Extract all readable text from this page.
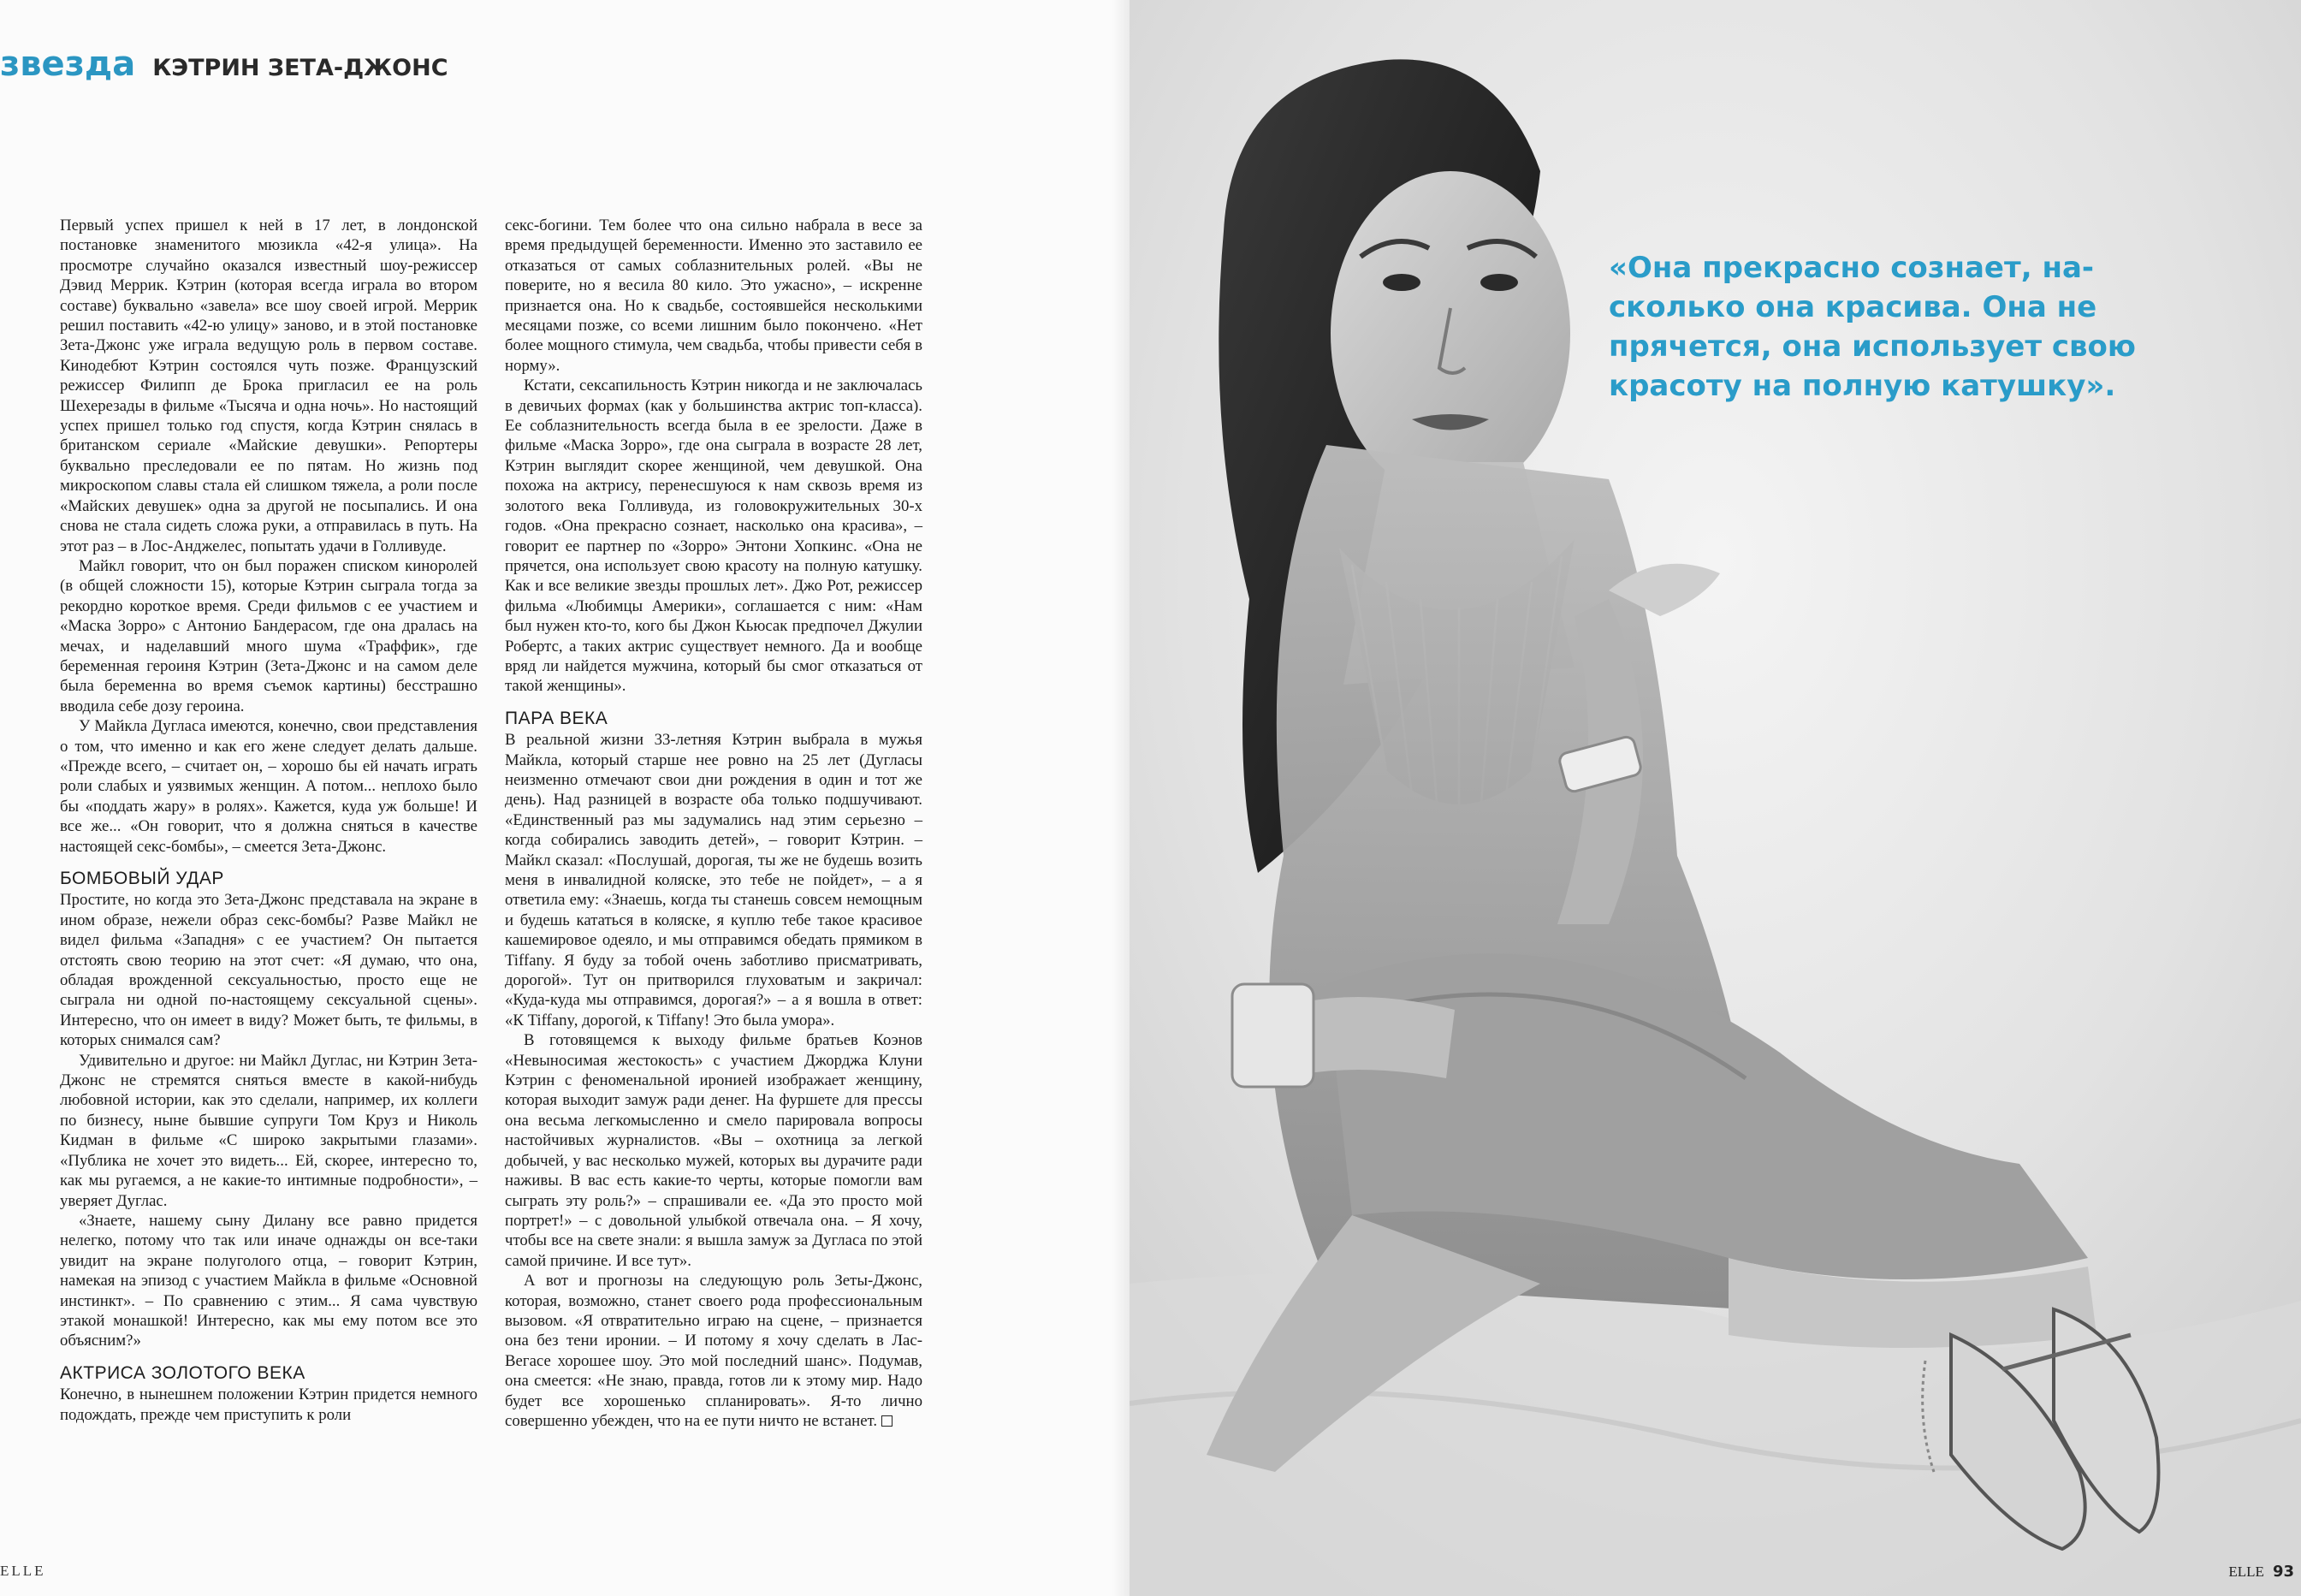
звезда КЭТРИН ЗЕТА-ДЖОНС

Первый успех пришел к ней в 17 лет, в лондонской постановке знаменитого мюзикла «42-я улица». На просмотре случайно оказался известный шоу-режиссер Дэвид Меррик. Кэтрин (которая всегда играла во втором составе) буквально «завела» все шоу своей игрой. Меррик решил поставить «42-ю улицу» заново, и в этой постановке Зета-Джонс уже играла ведущую роль в первом составе. Кинодебют Кэтрин состоялся чуть позже. Французский режиссер Филипп де Брока пригласил ее на роль Шехерезады в фильме «Тысяча и одна ночь». Но настоящий успех пришел только год спустя, когда Кэтрин снялась в британском сериале «Майские девушки». Репортеры буквально преследовали ее по пятам. Но жизнь под микроскопом славы стала ей слишком тяжела, а роли после «Майских девушек» одна за другой не посыпались. И она снова не стала сидеть сложа руки, а отправилась в путь. На этот раз – в Лос-Анджелес, попытать удачи в Голливуде.

Майкл говорит, что он был поражен списком киноролей (в общей сложности 15), которые Кэтрин сыграла тогда за рекордно короткое время. Среди фильмов с ее участием и «Маска Зорро» с Антонио Бандерасом, где она дралась на мечах, и наделавший много шума «Траффик», где беременная героиня Кэтрин (Зета-Джонс и на самом деле была беременна во время съемок картины) бесстрашно вводила себе дозу героина.

У Майкла Дугласа имеются, конечно, свои представления о том, что именно и как его жене следует делать дальше. «Прежде всего, – считает он, – хорошо бы ей начать играть роли слабых и уязвимых женщин. А потом... неплохо было бы «поддать жару» в ролях». Кажется, куда уж больше! И все же... «Он говорит, что я должна сняться в качестве настоящей секс-бомбы», – смеется Зета-Джонс.

БОМБОВЫЙ УДАР

Простите, но когда это Зета-Джонс представала на экране в ином образе, нежели образ секс-бомбы? Разве Майкл не видел фильма «Западня» с ее участием? Он пытается отстоять свою теорию на этот счет: «Я думаю, что она, обладая врожденной сексуальностью, просто еще не сыграла ни одной по-настоящему сексуальной сцены». Интересно, что он имеет в виду? Может быть, те фильмы, в которых снимался сам?

Удивительно и другое: ни Майкл Дуглас, ни Кэтрин Зета-Джонс не стремятся сняться вместе в какой-нибудь любовной истории, как это сделали, например, их коллеги по бизнесу, ныне бывшие супруги Том Круз и Николь Кидман в фильме «С широко закрытыми глазами». «Публика не хочет это видеть... Ей, скорее, интересно то, как мы ругаемся, а не какие-то интимные подробности», – уверяет Дуглас.

«Знаете, нашему сыну Дилану все равно придется нелегко, потому что так или иначе однажды он все-таки увидит на экране полуголого отца, – говорит Кэтрин, намекая на эпизод с участием Майкла в фильме «Основной инстинкт». – По сравнению с этим... Я сама чувствую этакой монашкой! Интересно, как мы ему потом все это объясним?»

АКТРИСА ЗОЛОТОГО ВЕКА

Конечно, в нынешнем положении Кэтрин придется немного подождать, прежде чем приступить к роли

секс-богини. Тем более что она сильно набрала в весе за время предыдущей беременности. Именно это заставило ее отказаться от самых соблазнительных ролей. «Вы не поверите, но я весила 80 кило. Это ужасно», – искренне признается она. Но к свадьбе, состоявшейся несколькими месяцами позже, со всеми лишним было покончено. «Нет более мощного стимула, чем свадьба, чтобы привести себя в норму».

Кстати, сексапильность Кэтрин никогда и не заключалась в девичьих формах (как у большинства актрис топ-класса). Ее соблазнительность всегда была в ее зрелости. Даже в фильме «Маска Зорро», где она сыграла в возрасте 28 лет, Кэтрин выглядит скорее женщиной, чем девушкой. Она похожа на актрису, перенесшуюся к нам сквозь время из золотого века Голливуда, из головокружительных 30-х годов. «Она прекрасно сознает, насколько она красива», – говорит ее партнер по «Зорро» Энтони Хопкинс. «Она не прячется, она использует свою красоту на полную катушку. Как и все великие звезды прошлых лет». Джо Рот, режиссер фильма «Любимцы Америки», соглашается с ним: «Нам был нужен кто-то, кого бы Джон Кьюсак предпочел Джулии Робертс, а таких актрис существует немного. Да и вообще вряд ли найдется мужчина, который бы смог отказаться от такой женщины».

ПАРА ВЕКА

В реальной жизни 33-летняя Кэтрин выбрала в мужья Майкла, который старше нее ровно на 25 лет (Дугласы неизменно отмечают свои дни рождения в один и тот же день). Над разницей в возрасте оба только подшучивают. «Единственный раз мы задумались над этим серьезно – когда собирались заводить детей», – говорит Кэтрин. – Майкл сказал: «Послушай, дорогая, ты же не будешь возить меня в инвалидной коляске, это тебе не пойдет», – а я ответила ему: «Знаешь, когда ты станешь совсем немощным и будешь кататься в коляске, я куплю тебе такое красивое кашемировое одеяло, и мы отправимся обедать прямиком в Tiffany. Я буду за тобой очень заботливо присматривать, дорогой». Тут он притворился глуховатым и закричал: «Куда-куда мы отправимся, дорогая?» – а я вошла в ответ: «К Tiffany, дорогой, к Tiffany! Это была умора».

В готовящемся к выходу фильме братьев Коэнов «Невыносимая жестокость» с участием Джорджа Клуни Кэтрин с феноменальной иронией изображает женщину, которая выходит замуж ради денег. На фуршете для прессы она весьма легкомысленно и смело парировала вопросы настойчивых журналистов. «Вы – охотница за легкой добычей, у вас несколько мужей, которых вы дурачите ради наживы. В вас есть какие-то черты, которые помогли вам сыграть эту роль?» – спрашивали ее. «Да это просто мой портрет!» – с довольной улыбкой отвечала она. – Я хочу, чтобы все на свете знали: я вышла замуж за Дугласа по этой самой причине. И все тут».

А вот и прогнозы на следующую роль Зеты-Джонс, которая, возможно, станет своего рода профессиональным вызовом. «Я отвратительно играю на сцене, – признается она без тени иронии. – И потому я хочу сделать в Лас-Вегасе хорошее шоу. Это мой последний шанс». Подумав, она смеется: «Не знаю, правда, готов ли к этому мир. Надо будет все хорошенько спланировать». Я-то лично совершенно убежден, что на ее пути ничто не встанет.

ELLE
«Она прекрасно сознает, на-
сколько она красива. Она не
прячется, она использует свою
красоту на полную катушку».
ELLE 93
